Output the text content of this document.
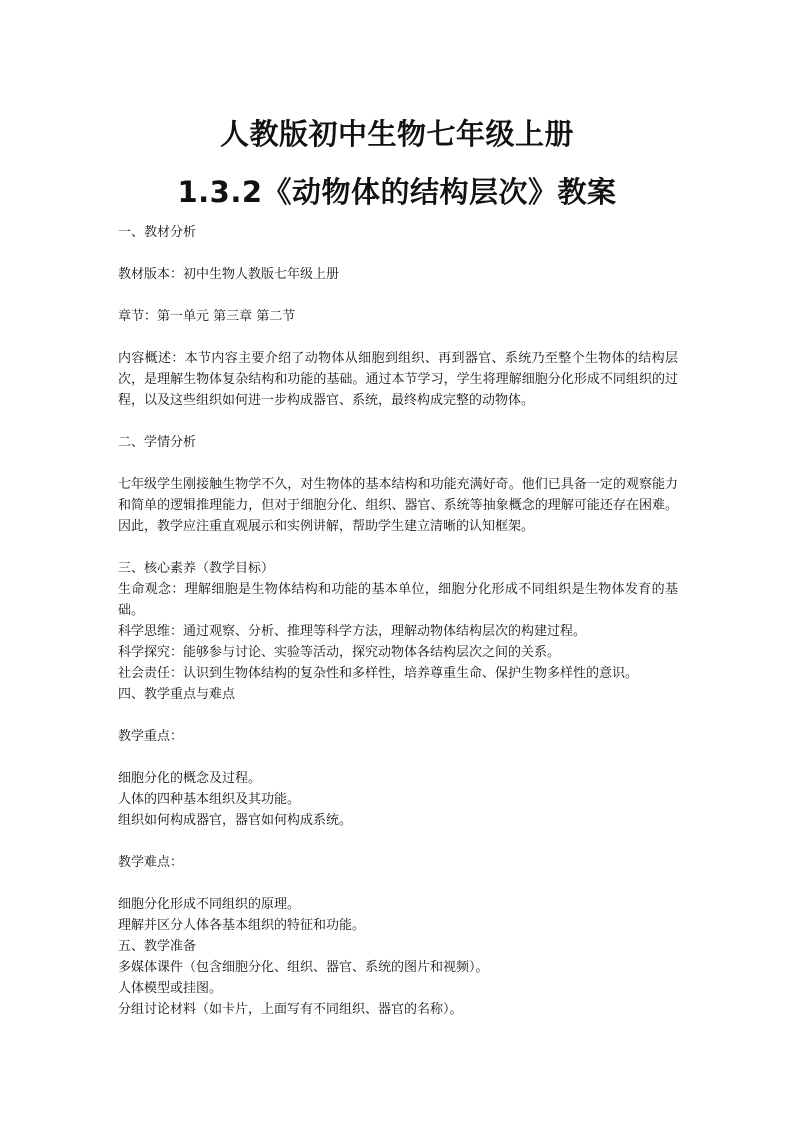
人教版初中生物七年级上册
1.3.2《动物体的结构层次》教案

一、教材分析

教材版本：初中生物人教版七年级上册

章节：第一单元 第三章 第二节

内容概述：本节内容主要介绍了动物体从细胞到组织、再到器官、系统乃至整个生物体的结构层次，是理解生物体复杂结构和功能的基础。通过本节学习，学生将理解细胞分化形成不同组织的过程，以及这些组织如何进一步构成器官、系统，最终构成完整的动物体。

二、学情分析

七年级学生刚接触生物学不久，对生物体的基本结构和功能充满好奇。他们已具备一定的观察能力和简单的逻辑推理能力，但对于细胞分化、组织、器官、系统等抽象概念的理解可能还存在困难。因此，教学应注重直观展示和实例讲解，帮助学生建立清晰的认知框架。

三、核心素养（教学目标）

生命观念：理解细胞是生物体结构和功能的基本单位，细胞分化形成不同组织是生物体发育的基础。

科学思维：通过观察、分析、推理等科学方法，理解动物体结构层次的构建过程。

科学探究：能够参与讨论、实验等活动，探究动物体各结构层次之间的关系。

社会责任：认识到生物体结构的复杂性和多样性，培养尊重生命、保护生物多样性的意识。

四、教学重点与难点

教学重点：

细胞分化的概念及过程。

人体的四种基本组织及其功能。

组织如何构成器官，器官如何构成系统。

教学难点：

细胞分化形成不同组织的原理。

理解并区分人体各基本组织的特征和功能。

五、教学准备

多媒体课件（包含细胞分化、组织、器官、系统的图片和视频）。

人体模型或挂图。

分组讨论材料（如卡片，上面写有不同组织、器官的名称）。
